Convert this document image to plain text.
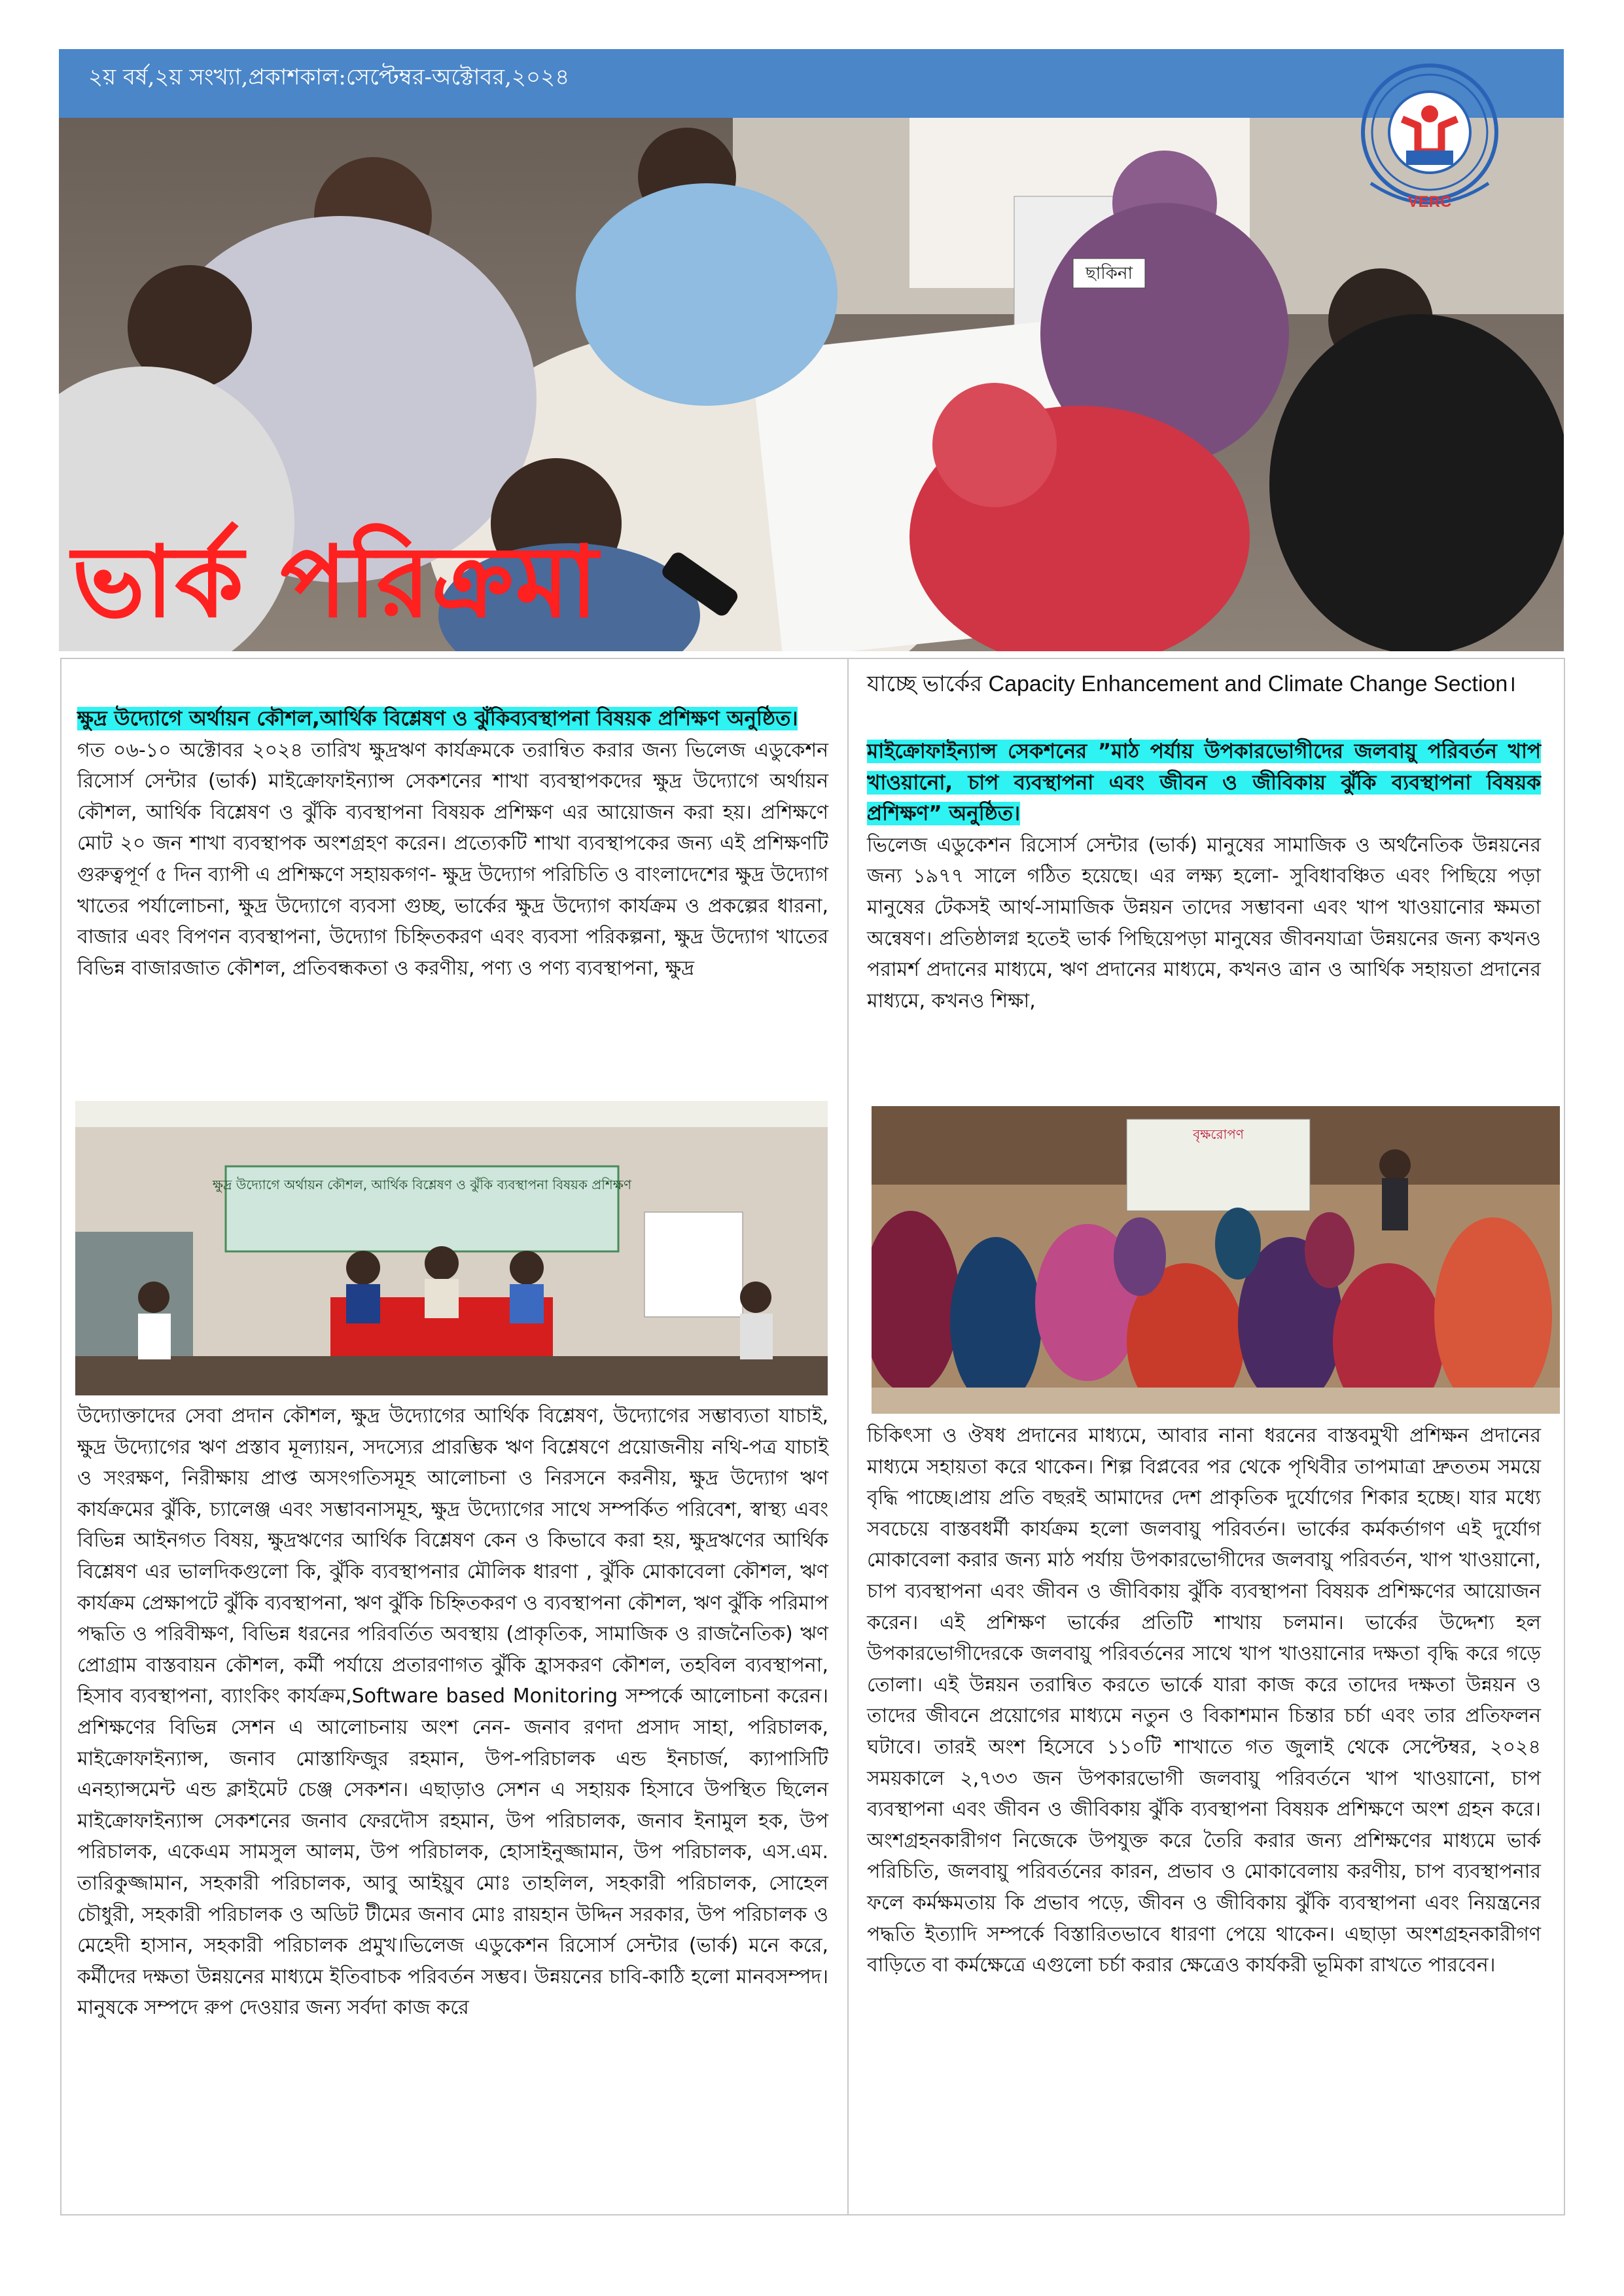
২য় বর্ষ,২য় সংখ্যা,প্রকাশকাল:সেপ্টেম্বর-অক্টোবর,২০২৪
ছাকিনা
VERC
ভার্ক পরিক্রমা

ক্ষুদ্র উদ্যোগে অর্থায়ন কৌশল,আর্থিক বিশ্লেষণ ও ঝুঁকিব্যবস্থাপনা বিষয়ক প্রশিক্ষণ অনুষ্ঠিত।

গত ০৬-১০ অক্টোবর ২০২৪ তারিখ ক্ষুদ্রঋণ কার্যক্রমকে তরান্বিত করার জন্য ভিলেজ এডুকেশন রিসোর্স সেন্টার (ভার্ক) মাইক্রোফাইন্যান্স সেকশনের শাখা ব্যবস্থাপকদের ক্ষুদ্র উদ্যোগে অর্থায়ন কৌশল, আর্থিক বিশ্লেষণ ও ঝুঁকি ব্যবস্থাপনা বিষয়ক প্রশিক্ষণ এর আয়োজন করা হয়। প্রশিক্ষণে মোট ২০ জন শাখা ব্যবস্থাপক অংশগ্রহণ করেন। প্রত্যেকটি শাখা ব্যবস্থাপকের জন্য এই প্রশিক্ষণটি গুরুত্বপূর্ণ ৫ দিন ব্যাপী এ প্রশিক্ষণে সহায়কগণ- ক্ষুদ্র উদ্যোগ পরিচিতি ও বাংলাদেশের ক্ষুদ্র উদ্যোগ খাতের পর্যালোচনা, ক্ষুদ্র উদ্যোগে ব্যবসা গুচ্ছ, ভার্কের ক্ষুদ্র উদ্যোগ কার্যক্রম ও প্রকল্পের ধারনা, বাজার এবং বিপণন ব্যবস্থাপনা, উদ্যোগ চিহ্নিতকরণ এবং ব্যবসা পরিকল্পনা, ক্ষুদ্র উদ্যোগ খাতের বিভিন্ন বাজারজাত কৌশল, প্রতিবন্ধকতা ও করণীয়, পণ্য ও পণ্য ব্যবস্থাপনা, ক্ষুদ্র

ক্ষুদ্র উদ্যোগে অর্থায়ন কৌশল, আর্থিক বিশ্লেষণ ও ঝুঁকি ব্যবস্থাপনা বিষয়ক প্রশিক্ষণ

উদ্যোক্তাদের সেবা প্রদান কৌশল, ক্ষুদ্র উদ্যোগের আর্থিক বিশ্লেষণ, উদ্যোগের সম্ভাব্যতা যাচাই, ক্ষুদ্র উদ্যোগের ঋণ প্রস্তাব মূল্যায়ন, সদস্যের প্রারম্ভিক ঋণ বিশ্লেষণে প্রয়োজনীয় নথি-পত্র যাচাই ও সংরক্ষণ, নিরীক্ষায় প্রাপ্ত অসংগতিসমূহ আলোচনা ও নিরসনে করনীয়, ক্ষুদ্র উদ্যোগ ঋণ কার্যক্রমের ঝুঁকি, চ্যালেঞ্জ এবং সম্ভাবনাসমূহ, ক্ষুদ্র উদ্যোগের সাথে সম্পর্কিত পরিবেশ, স্বাস্থ্য এবং বিভিন্ন আইনগত বিষয়, ক্ষুদ্রঋণের আর্থিক বিশ্লেষণ কেন ও কিভাবে করা হয়, ক্ষুদ্রঋণের আর্থিক বিশ্লেষণ এর ভালদিকগুলো কি, ঝুঁকি ব্যবস্থাপনার মৌলিক ধারণা , ঝুঁকি মোকাবেলা কৌশল, ঋণ কার্যক্রম প্রেক্ষাপটে ঝুঁকি ব্যবস্থাপনা, ঋণ ঝুঁকি চিহ্নিতকরণ ও ব্যবস্থাপনা কৌশল, ঋণ ঝুঁকি পরিমাপ পদ্ধতি ও পরিবীক্ষণ, বিভিন্ন ধরনের পরিবর্তিত অবস্থায় (প্রাকৃতিক, সামাজিক ও রাজনৈতিক) ঋণ প্রোগ্রাম বাস্তবায়ন কৌশল, কর্মী পর্যায়ে প্রতারণাগত ঝুঁকি হ্রাসকরণ কৌশল, তহবিল ব্যবস্থাপনা, হিসাব ব্যবস্থাপনা, ব্যাংকিং কার্যক্রম,Software based Monitoring সম্পর্কে আলোচনা করেন।প্রশিক্ষণের বিভিন্ন সেশন এ আলোচনায় অংশ নেন- জনাব রণদা প্রসাদ সাহা, পরিচালক, মাইক্রোফাইন্যান্স, জনাব মোস্তাফিজুর রহমান, উপ-পরিচালক এন্ড ইনচার্জ, ক্যাপাসিটি এনহ্যান্সমেন্ট এন্ড ক্লাইমেট চেঞ্জ সেকশন। এছাড়াও সেশন এ সহায়ক হিসাবে উপস্থিত ছিলেন মাইক্রোফাইন্যান্স সেকশনের জনাব ফেরদৌস রহমান, উপ পরিচালক, জনাব ইনামুল হক, উপ পরিচালক, একেএম সামসুল আলম, উপ পরিচালক, হোসাইনুজ্জামান, উপ পরিচালক, এস.এম. তারিকুজ্জামান, সহকারী পরিচালক, আবু আইয়ুব মোঃ তাহলিল, সহকারী পরিচালক, সোহেল চৌধুরী, সহকারী পরিচালক ও অডিট টীমের জনাব মোঃ রায়হান উদ্দিন সরকার, উপ পরিচালক ও মেহেদী হাসান, সহকারী পরিচালক প্রমুখ।ভিলেজ এডুকেশন রিসোর্স সেন্টার (ভার্ক) মনে করে, কর্মীদের দক্ষতা উন্নয়নের মাধ্যমে ইতিবাচক পরিবর্তন সম্ভব। উন্নয়নের চাবি-কাঠি হলো মানবসম্পদ। মানুষকে সম্পদে রুপ দেওয়ার জন্য সর্বদা কাজ করে

যাচ্ছে ভার্কের Capacity Enhancement and Climate Change Section।

মাইক্রোফাইন্যান্স সেকশনের ”মাঠ পর্যায় উপকারভোগীদের জলবায়ু পরিবর্তন খাপ খাওয়ানো, চাপ ব্যবস্থাপনা এবং জীবন ও জীবিকায় ঝুঁকি ব্যবস্থাপনা বিষয়ক প্রশিক্ষণ” অনুষ্ঠিত।

ভিলেজ এডুকেশন রিসোর্স সেন্টার (ভার্ক) মানুষের সামাজিক ও অর্থনৈতিক উন্নয়নের জন্য ১৯৭৭ সালে গঠিত হয়েছে। এর লক্ষ্য হলো- সুবিধাবঞ্চিত এবং পিছিয়ে পড়া মানুষের টেকসই আর্থ-সামাজিক উন্নয়ন তাদের সম্ভাবনা এবং খাপ খাওয়ানোর ক্ষমতা অন্বেষণ। প্রতিষ্ঠালগ্ন হতেই ভার্ক পিছিয়েপড়া মানুষের জীবনযাত্রা উন্নয়নের জন্য কখনও পরামর্শ প্রদানের মাধ্যমে, ঋণ প্রদানের মাধ্যমে, কখনও ত্রান ও আর্থিক সহায়তা প্রদানের মাধ্যমে, কখনও শিক্ষা,

বৃক্ষরোপণ

চিকিৎসা ও ঔষধ প্রদানের মাধ্যমে, আবার নানা ধরনের বাস্তবমুখী প্রশিক্ষন প্রদানের মাধ্যমে সহায়তা করে থাকেন। শিল্প বিপ্লবের পর থেকে পৃথিবীর তাপমাত্রা দ্রুততম সময়ে বৃদ্ধি পাচ্ছে।প্রায় প্রতি বছরই আমাদের দেশ প্রাকৃতিক দুর্যোগের শিকার হচ্ছে। যার মধ্যে সবচেয়ে বাস্তবধর্মী কার্যক্রম হলো জলবায়ু পরিবর্তন। ভার্কের কর্মকর্তাগণ এই দুর্যোগ মোকাবেলা করার জন্য মাঠ পর্যায় উপকারভোগীদের জলবায়ু পরিবর্তন, খাপ খাওয়ানো, চাপ ব্যবস্থাপনা এবং জীবন ও জীবিকায় ঝুঁকি ব্যবস্থাপনা বিষয়ক প্রশিক্ষণের আয়োজন করেন। এই প্রশিক্ষণ ভার্কের প্রতিটি শাখায় চলমান। ভার্কের উদ্দেশ্য হল উপকারভোগীদেরকে জলবায়ু পরিবর্তনের সাথে খাপ খাওয়ানোর দক্ষতা বৃদ্ধি করে গড়ে তোলা। এই উন্নয়ন তরান্বিত করতে ভার্কে যারা কাজ করে তাদের দক্ষতা উন্নয়ন ও তাদের জীবনে প্রয়োগের মাধ্যমে নতুন ও বিকাশমান চিন্তার চর্চা এবং তার প্রতিফলন ঘটাবে। তারই অংশ হিসেবে ১১০টি শাখাতে গত জুলাই থেকে সেপ্টেম্বর, ২০২৪ সময়কালে ২,৭৩৩ জন উপকারভোগী জলবায়ু পরিবর্তনে খাপ খাওয়ানো, চাপ ব্যবস্থাপনা এবং জীবন ও জীবিকায় ঝুঁকি ব্যবস্থাপনা বিষয়ক প্রশিক্ষণে অংশ গ্রহন করে। অংশগ্রহনকারীগণ নিজেকে উপযুক্ত করে তৈরি করার জন্য প্রশিক্ষণের মাধ্যমে ভার্ক পরিচিতি, জলবায়ু পরিবর্তনের কারন, প্রভাব ও মোকাবেলায় করণীয়, চাপ ব্যবস্থাপনার ফলে কর্মক্ষমতায় কি প্রভাব পড়ে, জীবন ও জীবিকায় ঝুঁকি ব্যবস্থাপনা এবং নিয়ন্ত্রনের পদ্ধতি ইত্যাদি সম্পর্কে বিস্তারিতভাবে ধারণা পেয়ে থাকেন। এছাড়া অংশগ্রহনকারীগণ বাড়িতে বা কর্মক্ষেত্রে এগুলো চর্চা করার ক্ষেত্রেও কার্যকরী ভূমিকা রাখতে পারবেন।
